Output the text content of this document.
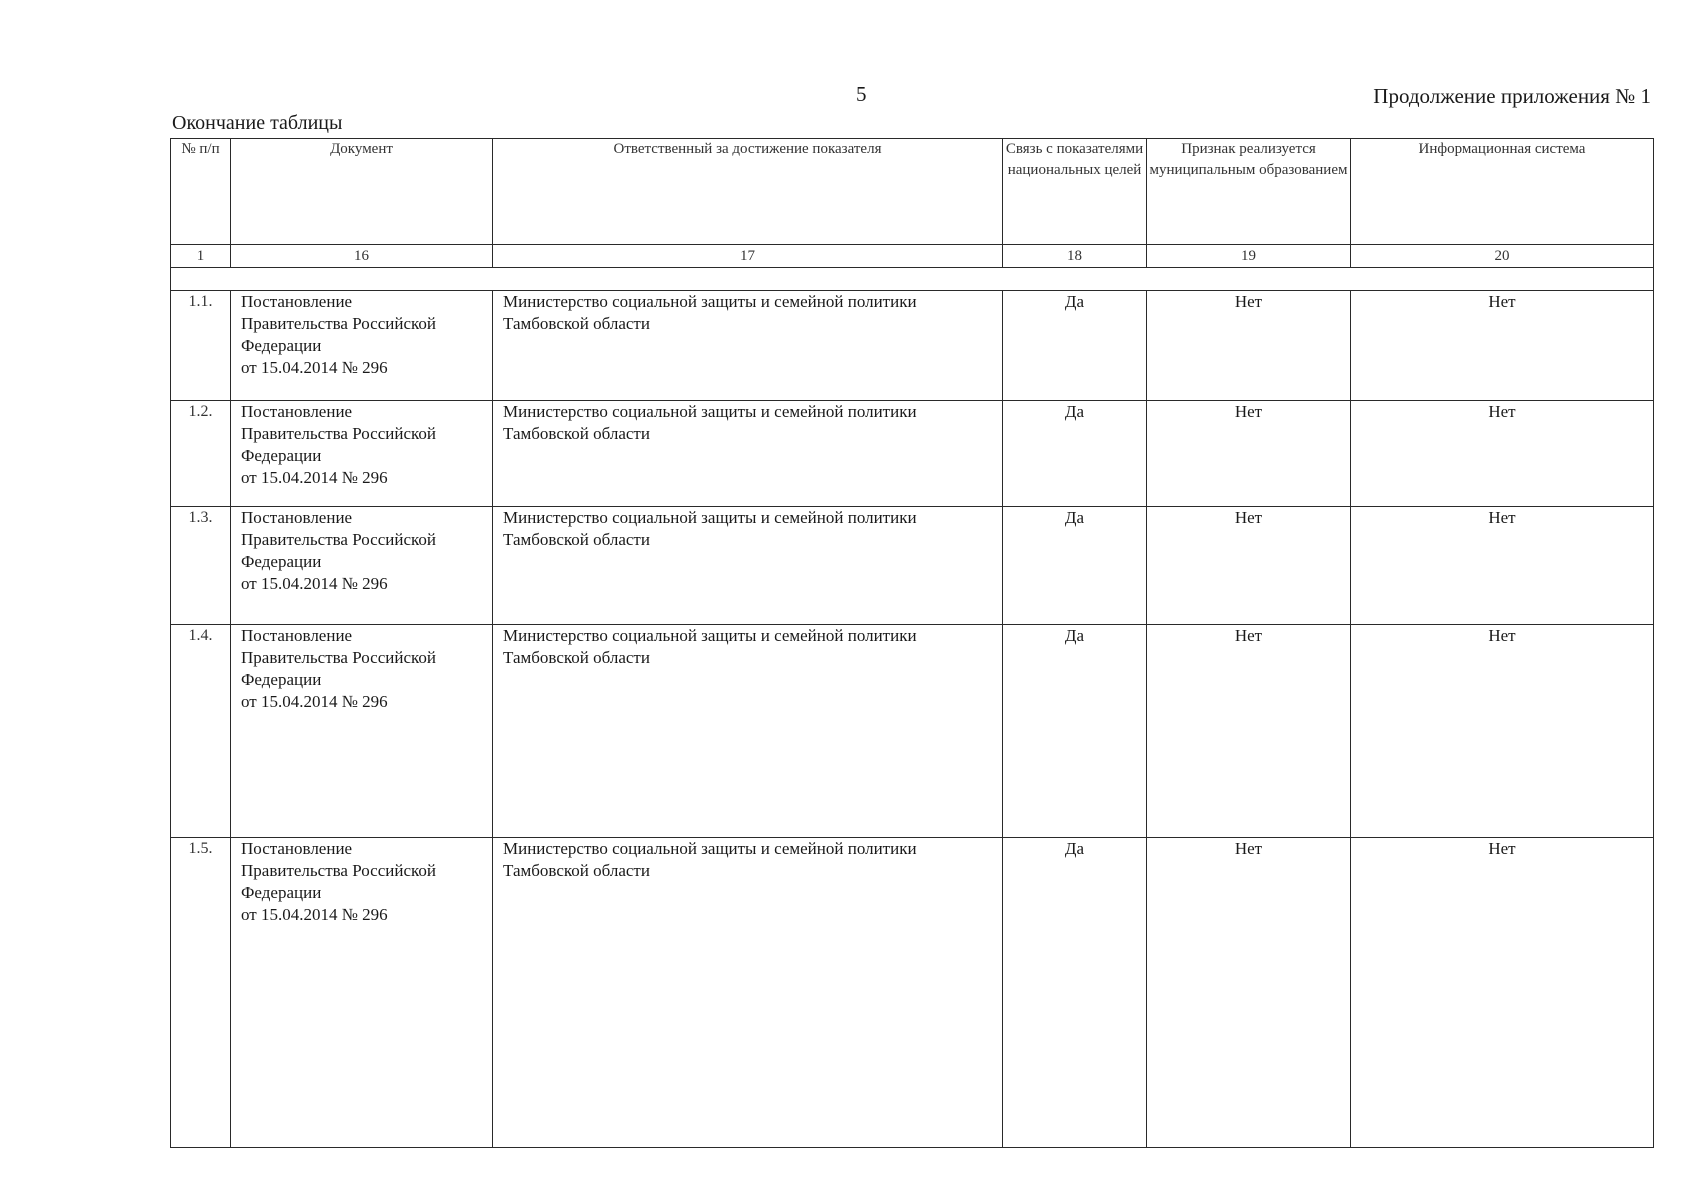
5	Продолжение приложения № 1
Окончание таблицы
№ п/п	Документ	Ответственный за достижение показателя	Связь с показателями национальных целей	Признак реализуется муниципальным образованием	Информационная система
1	16	17	18	19	20

1.1.	Постановление
Правительства Российской
Федерации
от 15.04.2014 № 296	Министерство социальной защиты и семейной политики Тамбовской области	Да	Нет	Нет
1.2.	Постановление
Правительства Российской
Федерации
от 15.04.2014 № 296	Министерство социальной защиты и семейной политики Тамбовской области	Да	Нет	Нет
1.3.	Постановление
Правительства Российской
Федерации
от 15.04.2014 № 296	Министерство социальной защиты и семейной политики Тамбовской области	Да	Нет	Нет
1.4.	Постановление
Правительства Российской
Федерации
от 15.04.2014 № 296	Министерство социальной защиты и семейной политики Тамбовской области	Да	Нет	Нет
1.5.	Постановление
Правительства Российской
Федерации
от 15.04.2014 № 296	Министерство социальной защиты и семейной политики Тамбовской области	Да	Нет	Нет
